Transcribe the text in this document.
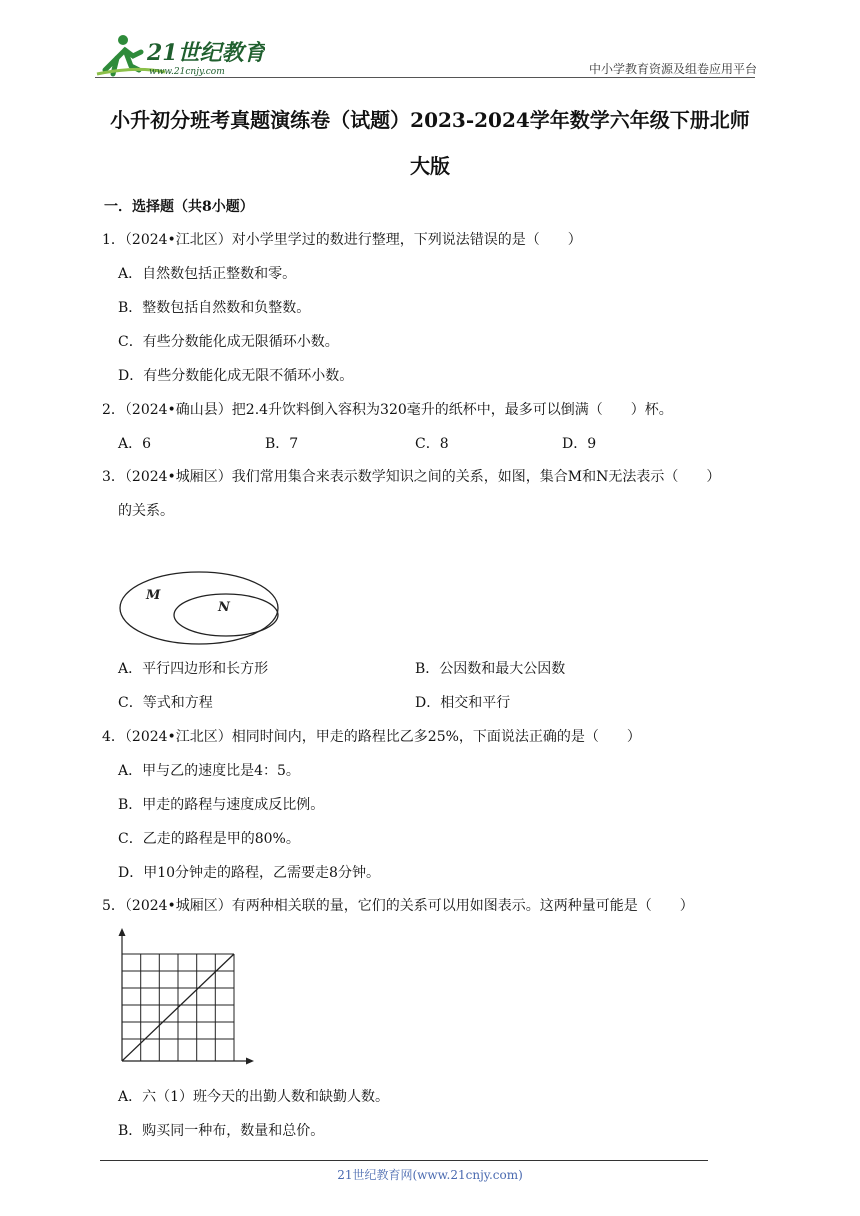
21世纪教育
www.21cnjy.com	中小学教育资源及组卷应用平台
小升初分班考真题演练卷（试题）2023-2024学年数学六年级下册北师
大版
一．选择题（共8小题）
1．（2024•江北区）对小学里学过的数进行整理，下列说法错误的是（　　）
A．自然数包括正整数和零。
B．整数包括自然数和负整数。
C．有些分数能化成无限循环小数。
D．有些分数能化成无限不循环小数。
2．（2024•确山县）把2.4升饮料倒入容积为320毫升的纸杯中，最多可以倒满（　　）杯。
A．6	B．7	C．8	D．9
3．（2024•城厢区）我们常用集合来表示数学知识之间的关系，如图，集合M和N无法表示（　　）
的关系。
M
N
A．平行四边形和长方形	B．公因数和最大公因数
C．等式和方程	D．相交和平行
4．（2024•江北区）相同时间内，甲走的路程比乙多25%，下面说法正确的是（　　）
A．甲与乙的速度比是4：5。
B．甲走的路程与速度成反比例。
C．乙走的路程是甲的80%。
D．甲10分钟走的路程，乙需要走8分钟。
5．（2024•城厢区）有两种相关联的量，它们的关系可以用如图表示。这两种量可能是（　　）
A．六（1）班今天的出勤人数和缺勤人数。
B．购买同一种布，数量和总价。
21世纪教育网(www.21cnjy.com)
